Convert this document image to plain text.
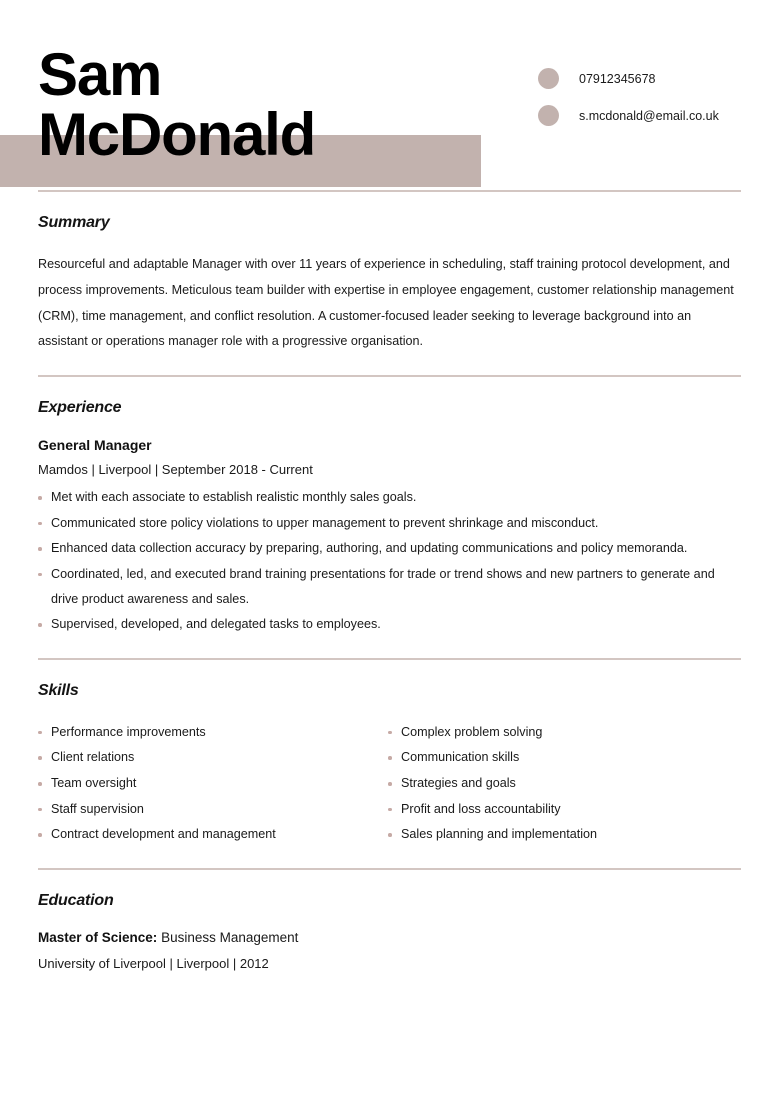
Sam
McDonald
07912345678
s.mcdonald@email.co.uk
Summary

Resourceful and adaptable Manager with over 11 years of experience in scheduling, staff training protocol development, and process improvements. Meticulous team builder with expertise in employee engagement, customer relationship management (CRM), time management, and conflict resolution. A customer-focused leader seeking to leverage background into an assistant or operations manager role with a progressive organisation.

Experience
General Manager

Mamdos | Liverpool | September 2018 - Current

Met with each associate to establish realistic monthly sales goals.
Communicated store policy violations to upper management to prevent shrinkage and misconduct.
Enhanced data collection accuracy by preparing, authoring, and updating communications and policy memoranda.
Coordinated, led, and executed brand training presentations for trade or trend shows and new partners to generate and drive product awareness and sales.
Supervised, developed, and delegated tasks to employees.
Skills
Performance improvements
Client relations
Team oversight
Staff supervision
Contract development and management
Complex problem solving
Communication skills
Strategies and goals
Profit and loss accountability
Sales planning and implementation
Education

Master of Science: Business Management

University of Liverpool | Liverpool | 2012
